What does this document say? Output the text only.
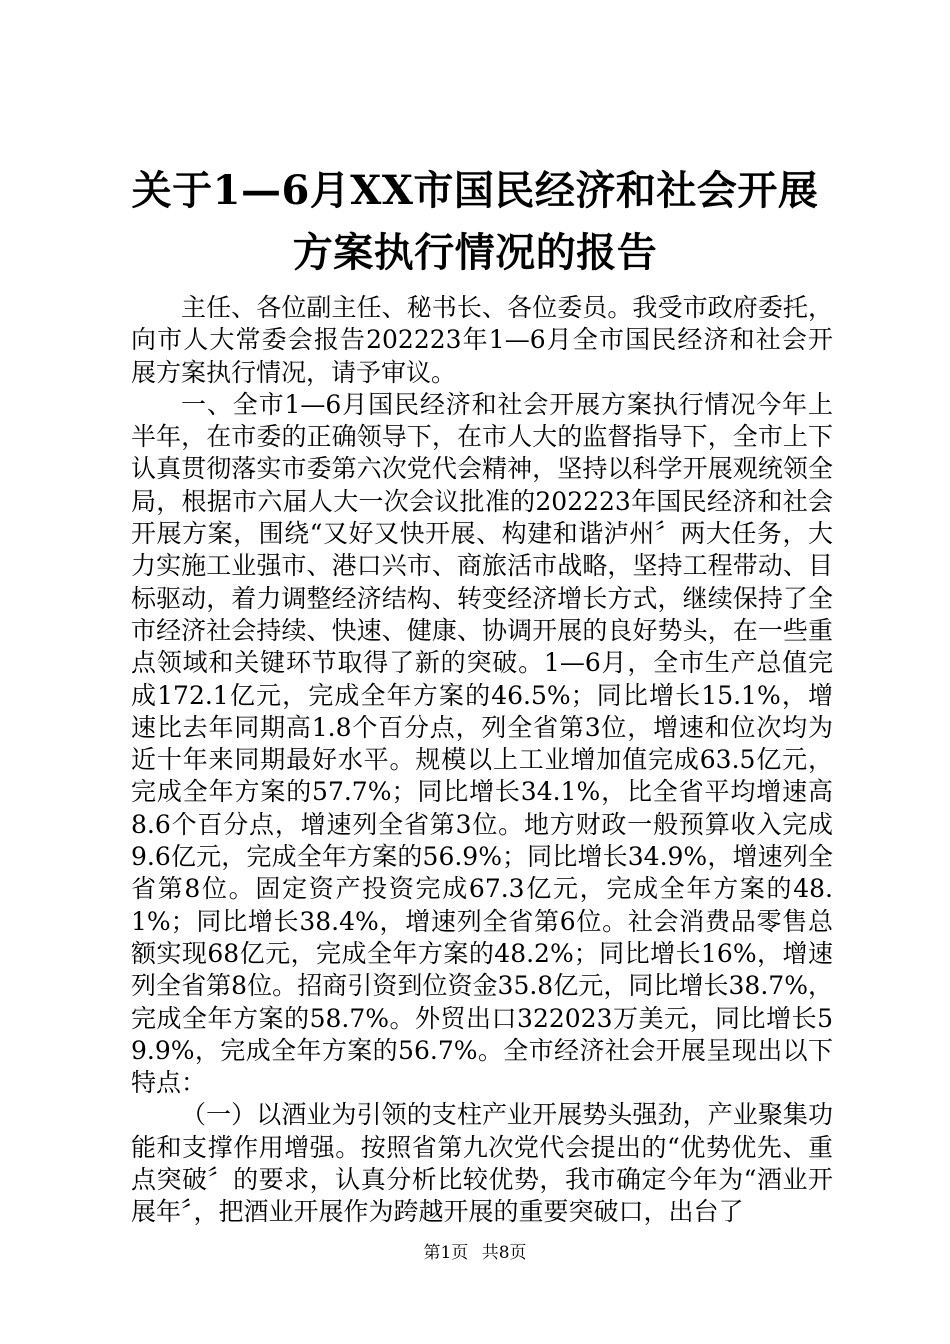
关于1—6月XX市国民经济和社会开展方案执行情况的报告

主任、各位副主任、秘书长、各位委员。我受市政府委托，向市人大常委会报告202223年1—6月全市国民经济和社会开展方案执行情况，请予审议。

一、全市1—6月国民经济和社会开展方案执行情况今年上半年，在市委的正确领导下，在市人大的监督指导下，全市上下认真贯彻落实市委第六次党代会精神，坚持以科学开展观统领全局，根据市六届人大一次会议批准的202223年国民经济和社会开展方案，围绕“又好又快开展、构建和谐泸州〞两大任务，大力实施工业强市、港口兴市、商旅活市战略，坚持工程带动、目标驱动，着力调整经济结构、转变经济增长方式，继续保持了全市经济社会持续、快速、健康、协调开展的良好势头，在一些重点领域和关键环节取得了新的突破。1—6月，全市生产总值完成172.1亿元，完成全年方案的46.5%；同比增长15.1%，增速比去年同期高1.8个百分点，列全省第3位，增速和位次均为近十年来同期最好水平。规模以上工业增加值完成63.5亿元，完成全年方案的57.7%；同比增长34.1%，比全省平均增速高8.6个百分点，增速列全省第3位。地方财政一般预算收入完成9.6亿元，完成全年方案的56.9%；同比增长34.9%，增速列全省第8位。固定资产投资完成67.3亿元，完成全年方案的48.1%；同比增长38.4%，增速列全省第6位。社会消费品零售总额实现68亿元，完成全年方案的48.2%；同比增长16%，增速列全省第8位。招商引资到位资金35.8亿元，同比增长38.7%，完成全年方案的58.7%。外贸出口322023万美元，同比增长59.9%，完成全年方案的56.7%。全市经济社会开展呈现出以下特点：

（一）以酒业为引领的支柱产业开展势头强劲，产业聚集功能和支撑作用增强。按照省第九次党代会提出的“优势优先、重点突破〞的要求，认真分析比较优势，我市确定今年为“酒业开展年〞，把酒业开展作为跨越开展的重要突破口，出台了

第1页 共8页
